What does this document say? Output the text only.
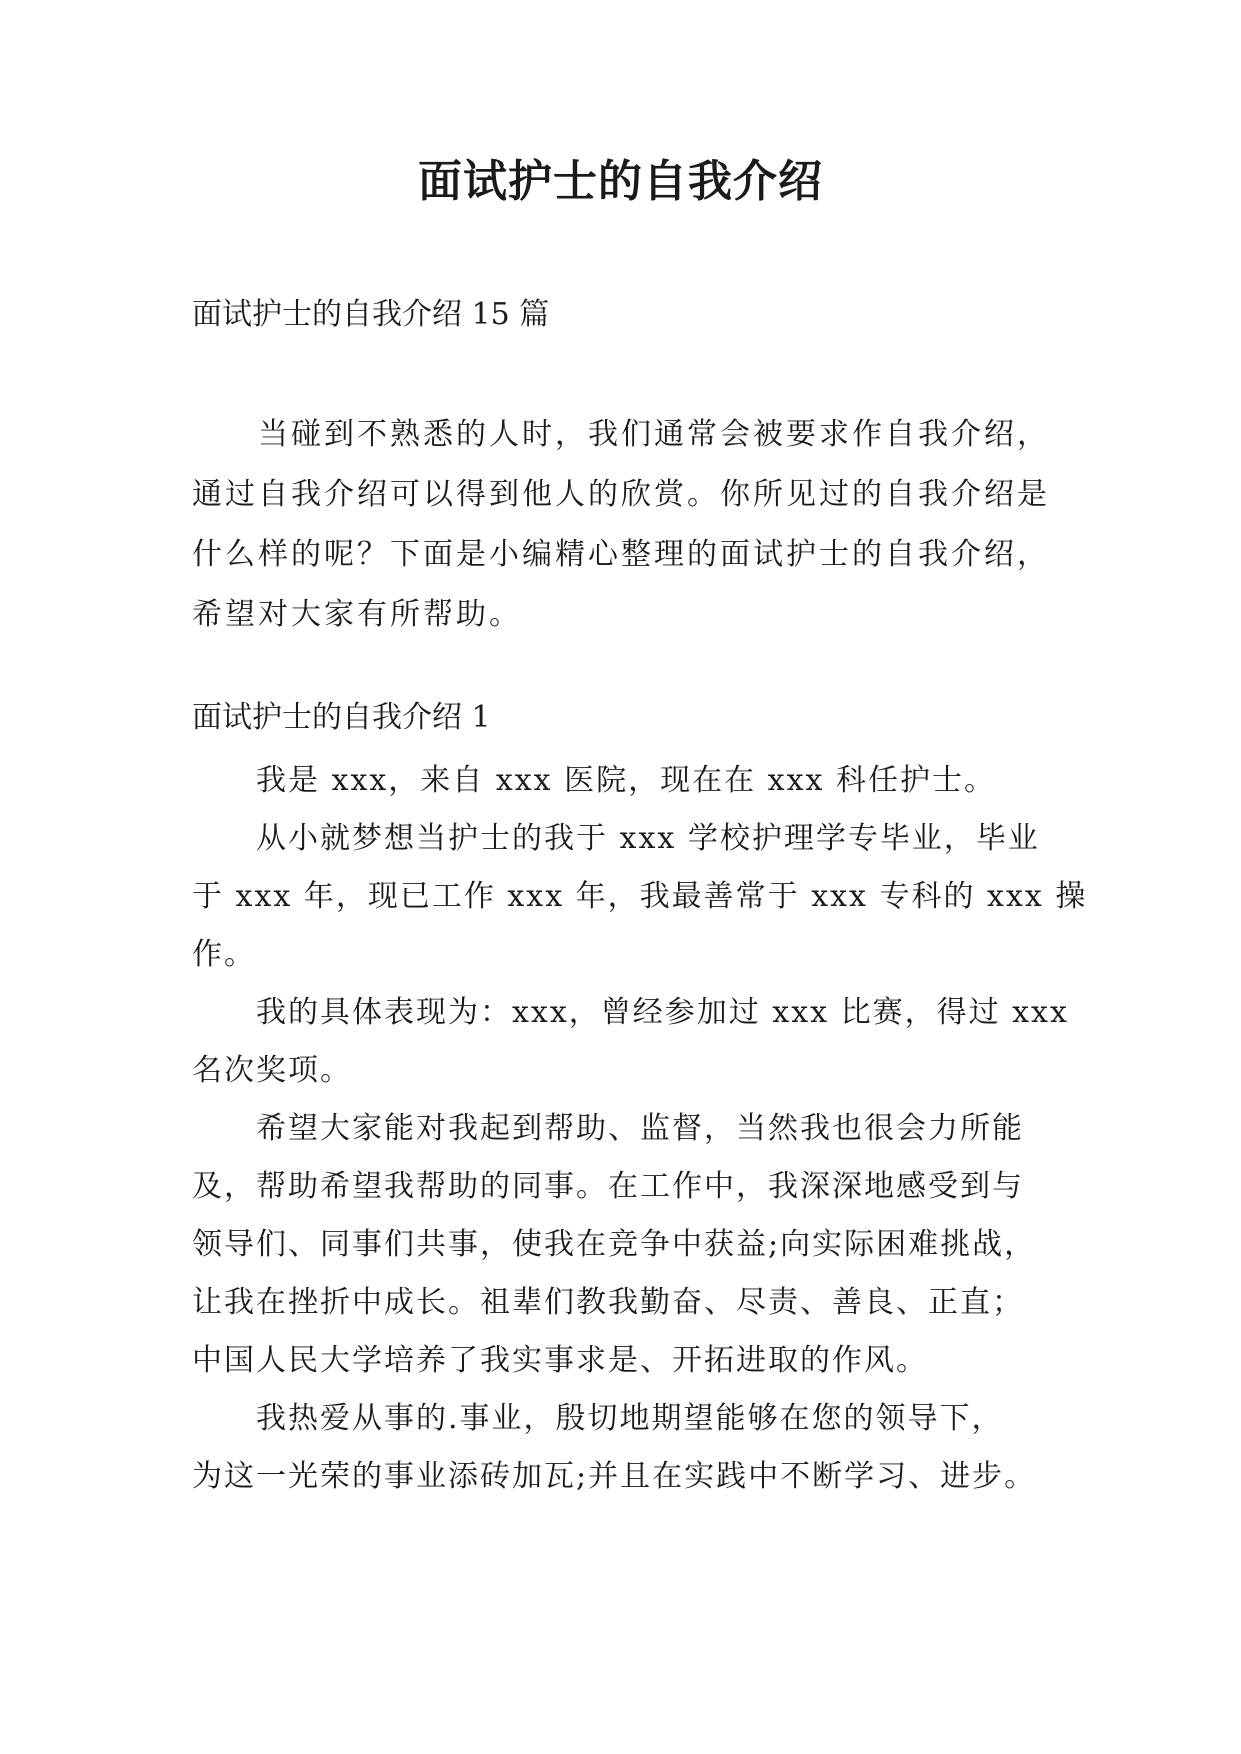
面试护士的自我介绍

面试护士的自我介绍 15 篇

　　当碰到不熟悉的人时，我们通常会被要求作自我介绍，
通过自我介绍可以得到他人的欣赏。你所见过的自我介绍是
什么样的呢？下面是小编精心整理的面试护士的自我介绍，
希望对大家有所帮助。

面试护士的自我介绍 1
　　我是 xxx，来自 xxx 医院，现在在 xxx 科任护士。
　　从小就梦想当护士的我于 xxx 学校护理学专毕业，毕业
于 xxx 年，现已工作 xxx 年，我最善常于 xxx 专科的 xxx 操
作。
　　我的具体表现为：xxx，曾经参加过 xxx 比赛，得过 xxx
名次奖项。
　　希望大家能对我起到帮助、监督，当然我也很会力所能
及，帮助希望我帮助的同事。在工作中，我深深地感受到与
领导们、同事们共事，使我在竞争中获益;向实际困难挑战，
让我在挫折中成长。祖辈们教我勤奋、尽责、善良、正直；
中国人民大学培养了我实事求是、开拓进取的作风。
　　我热爱从事的.事业，殷切地期望能够在您的领导下，
为这一光荣的事业添砖加瓦;并且在实践中不断学习、进步。
